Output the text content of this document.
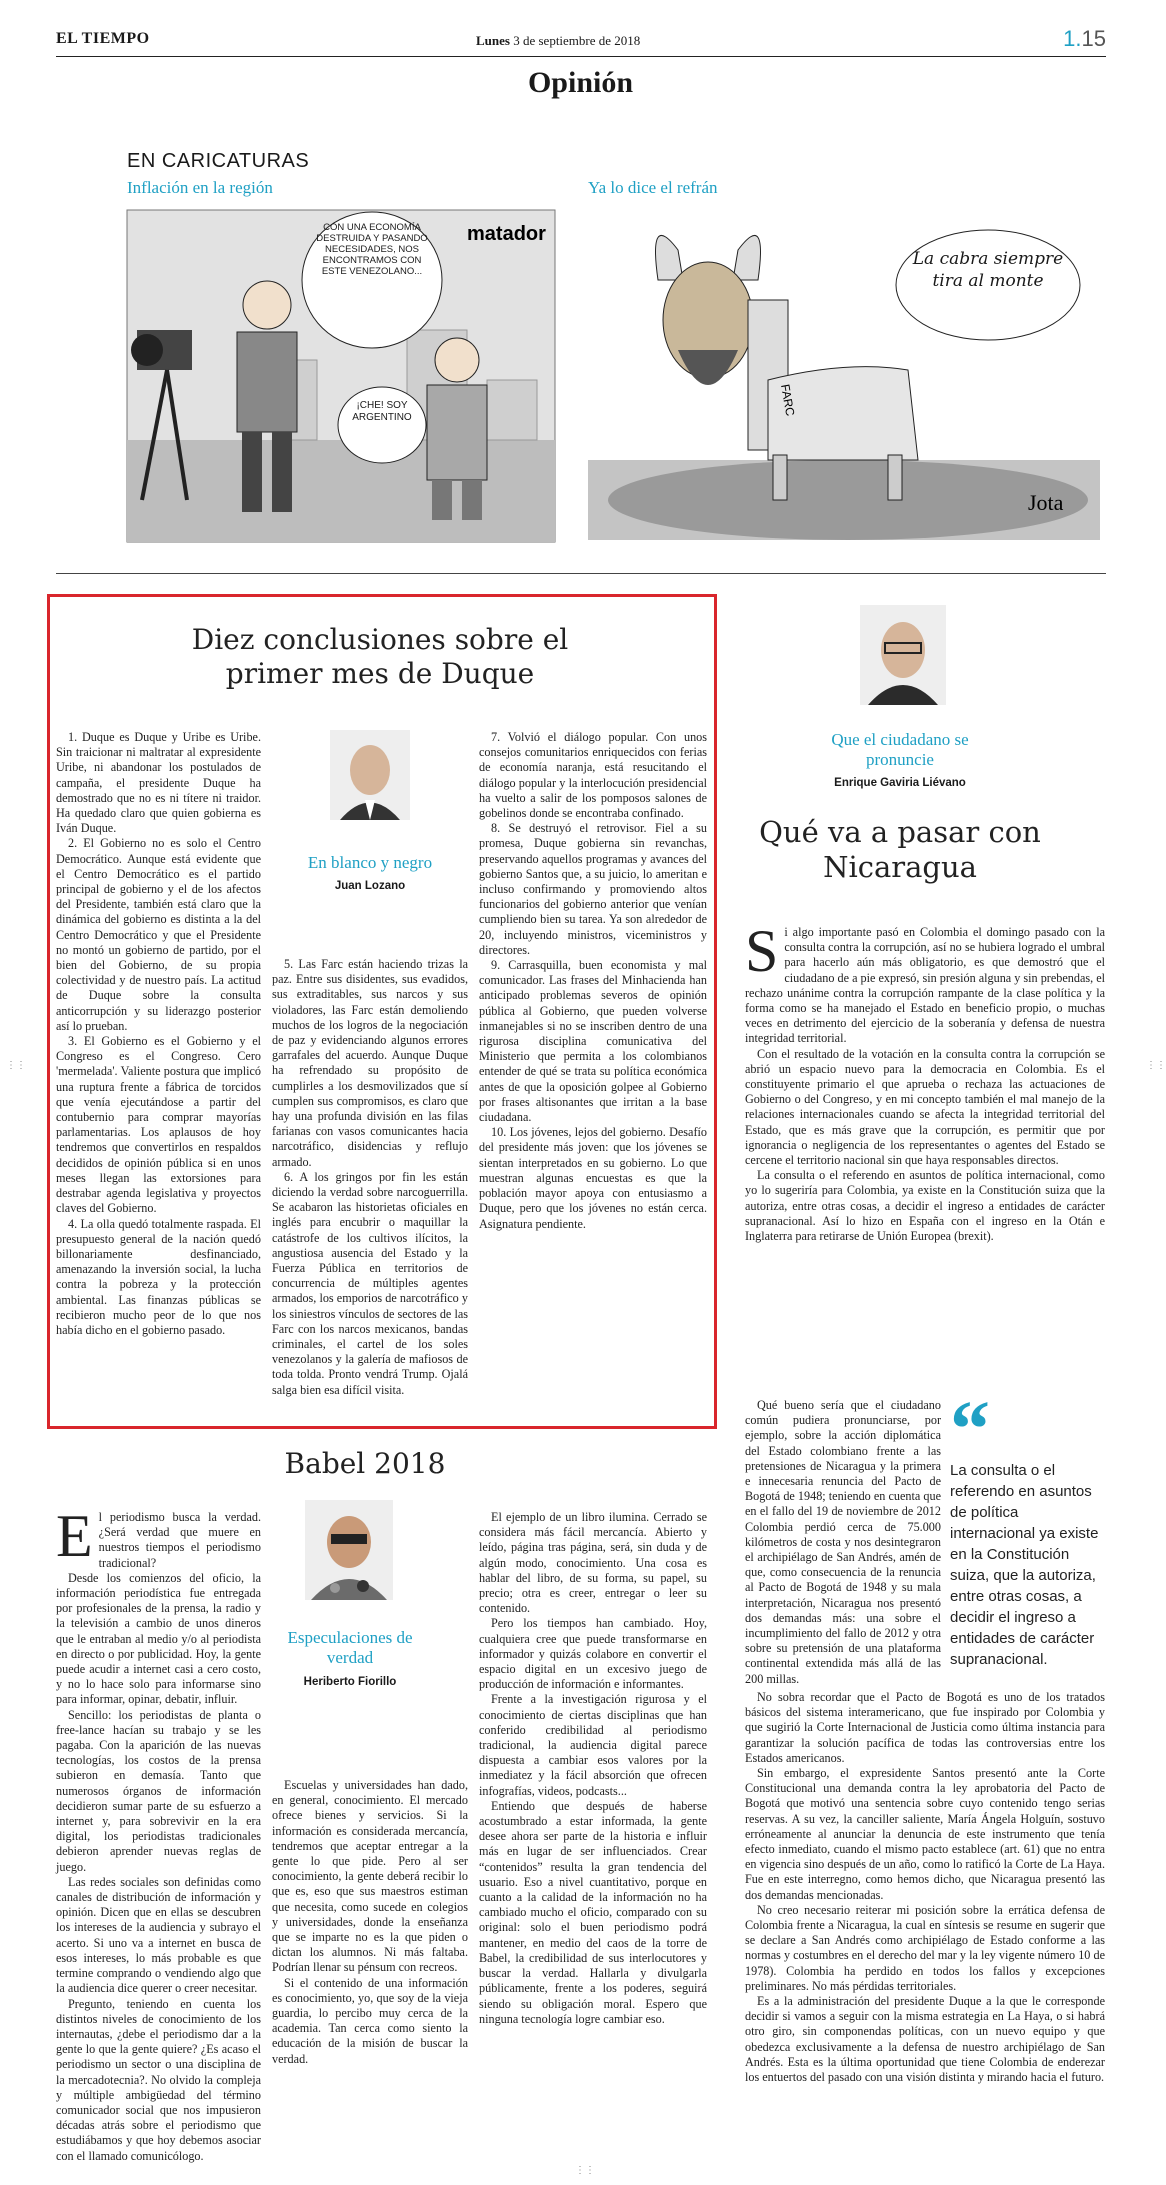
EL TIEMPO	Lunes 3 de septiembre de 2018	1.15
Opinión
EN CARICATURAS
Inflación en la región	Ya lo dice el refrán
CON UNA ECONOMÍA DESTRUIDA Y PASANDO NECESIDADES, NOS ENCONTRAMOS CON ESTE VENEZOLANO...
¡CHE! SOY ARGENTINO
matador
FARC
La cabra siempre tira al monte
Jota
Diez conclusiones sobre el primer mes de Duque
En blanco y negro
Juan Lozano

1. Duque es Duque y Uribe es Uribe. Sin traicionar ni maltratar al expresidente Uribe, ni abandonar los postulados de campaña, el presidente Duque ha demostrado que no es ni títere ni traidor. Ha quedado claro que quien gobierna es Iván Duque.

2. El Gobierno no es solo el Centro Democrático. Aunque está evidente que el Centro Democrático es el partido principal de gobierno y el de los afectos del Presidente, también está claro que la dinámica del gobierno es distinta a la del Centro Democrático y que el Presidente no montó un gobierno de partido, por el bien del Gobierno, de su propia colectividad y de nuestro país. La actitud de Duque sobre la consulta anticorrupción y su liderazgo posterior así lo prueban.

3. El Gobierno es el Gobierno y el Congreso es el Congreso. Cero 'mermelada'. Valiente postura que implicó una ruptura frente a fábrica de torcidos que venía ejecutándose a partir del contubernio para comprar mayorías parlamentarias. Los aplausos de hoy tendremos que convertirlos en respaldos decididos de opinión pública si en unos meses llegan las extorsiones para destrabar agenda legislativa y proyectos claves del Gobierno.

4. La olla quedó totalmente raspada. El presupuesto general de la nación quedó billonariamente desfinanciado, amenazando la inversión social, la lucha contra la pobreza y la protección ambiental. Las finanzas públicas se recibieron mucho peor de lo que nos había dicho en el gobierno pasado.

5. Las Farc están haciendo trizas la paz. Entre sus disidentes, sus evadidos, sus extraditables, sus narcos y sus violadores, las Farc están demoliendo muchos de los logros de la negociación de paz y evidenciando algunos errores garrafales del acuerdo. Aunque Duque ha refrendado su propósito de cumplirles a los desmovilizados que sí cumplen sus compromisos, es claro que hay una profunda división en las filas farianas con vasos comunicantes hacia narcotráfico, disidencias y reflujo armado.

6. A los gringos por fin les están diciendo la verdad sobre narcoguerrilla. Se acabaron las historietas oficiales en inglés para encubrir o maquillar la catástrofe de los cultivos ilícitos, la angustiosa ausencia del Estado y la Fuerza Pública en territorios de concurrencia de múltiples agentes armados, los emporios de narcotráfico y los siniestros vínculos de sectores de las Farc con los narcos mexicanos, bandas criminales, el cartel de los soles venezolanos y la galería de mafiosos de toda tolda. Pronto vendrá Trump. Ojalá salga bien esa difícil visita.

7. Volvió el diálogo popular. Con unos consejos comunitarios enriquecidos con ferias de economía naranja, está resucitando el diálogo popular y la interlocución presidencial ha vuelto a salir de los pomposos salones de gobelinos donde se encontraba confinado.

8. Se destruyó el retrovisor. Fiel a su promesa, Duque gobierna sin revanchas, preservando aquellos programas y avances del gobierno Santos que, a su juicio, lo ameritan e incluso confirmando y promoviendo altos funcionarios del gobierno anterior que venían cumpliendo bien su tarea. Ya son alrededor de 20, incluyendo ministros, viceministros y directores.

9. Carrasquilla, buen economista y mal comunicador. Las frases del Minhacienda han anticipado problemas severos de opinión pública al Gobierno, que pueden volverse inmanejables si no se inscriben dentro de una rigurosa disciplina comunicativa del Ministerio que permita a los colombianos entender de qué se trata su política económica antes de que la oposición golpee al Gobierno por frases altisonantes que irritan a la base ciudadana.

10. Los jóvenes, lejos del gobierno. Desafío del presidente más joven: que los jóvenes se sientan interpretados en su gobierno. Lo que muestran algunas encuestas es que la población mayor apoya con entusiasmo a Duque, pero que los jóvenes no están cerca. Asignatura pendiente.

Que el ciudadano se pronuncie
Enrique Gaviria Liévano
Qué va a pasar con Nicaragua
S i algo importante pasó en Colombia el domingo pasado con la consulta contra la corrupción, así no se hubiera logrado el umbral para hacerlo aún más obligatorio, es que demostró que el ciudadano de a pie expresó, sin presión alguna y sin prebendas, el rechazo unánime contra la corrupción rampante de la clase política y la forma como se ha manejado el Estado en beneficio propio, o muchas veces en detrimento del ejercicio de la soberanía y defensa de nuestra integridad territorial.

Con el resultado de la votación en la consulta contra la corrupción se abrió un espacio nuevo para la democracia en Colombia. Es el constituyente primario el que aprueba o rechaza las actuaciones de Gobierno o del Congreso, y en mi concepto también el mal manejo de la relaciones internacionales cuando se afecta la integridad territorial del Estado, que es más grave que la corrupción, es permitir que por ignorancia o negligencia de los representantes o agentes del Estado se cercene el territorio nacional sin que haya responsables directos.

La consulta o el referendo en asuntos de política internacional, como yo lo sugeriría para Colombia, ya existe en la Constitución suiza que la autoriza, entre otras cosas, a decidir el ingreso a entidades de carácter supranacional. Así lo hizo en España con el ingreso en la Otán e Inglaterra para retirarse de Unión Europea (brexit).

Qué bueno sería que el ciudadano común pudiera pronunciarse, por ejemplo, sobre la acción diplomática del Estado colombiano frente a las pretensiones de Nicaragua y la primera e innecesaria renuncia del Pacto de Bogotá de 1948; teniendo en cuenta que en el fallo del 19 de noviembre de 2012 Colombia perdió cerca de 75.000 kilómetros de costa y nos desintegraron el archipiélago de San Andrés, amén de que, como consecuencia de la renuncia al Pacto de Bogotá de 1948 y su mala interpretación, Nicaragua nos presentó dos demandas más: una sobre el incumplimiento del fallo de 2012 y otra sobre su pretensión de una plataforma continental extendida más allá de las 200 millas.

“
La consulta o el referendo en asuntos de política internacional ya existe en la Constitución suiza, que la autoriza, entre otras cosas, a decidir el ingreso a entidades de carácter supranacional.

No sobra recordar que el Pacto de Bogotá es uno de los tratados básicos del sistema interamericano, que fue inspirado por Colombia y que sugirió la Corte Internacional de Justicia como última instancia para garantizar la solución pacífica de todas las controversias entre los Estados americanos.

Sin embargo, el expresidente Santos presentó ante la Corte Constitucional una demanda contra la ley aprobatoria del Pacto de Bogotá que motivó una sentencia sobre cuyo contenido tengo serias reservas. A su vez, la canciller saliente, María Ángela Holguín, sostuvo erróneamente al anunciar la denuncia de este instrumento que tenía efecto inmediato, cuando el mismo pacto establece (art. 61) que no entra en vigencia sino después de un año, como lo ratificó la Corte de La Haya. Fue en este interregno, como hemos dicho, que Nicaragua presentó las dos demandas mencionadas.

No creo necesario reiterar mi posición sobre la errática defensa de Colombia frente a Nicaragua, la cual en síntesis se resume en sugerir que se declare a San Andrés como archipiélago de Estado conforme a las normas y costumbres en el derecho del mar y la ley vigente número 10 de 1978). Colombia ha perdido en todos los fallos y excepciones preliminares. No más pérdidas territoriales.

Es a la administración del presidente Duque a la que le corresponde decidir si vamos a seguir con la misma estrategia en La Haya, o si habrá otro giro, sin componendas políticas, con un nuevo equipo y que obedezca exclusivamente a la defensa de nuestro archipiélago de San Andrés. Esta es la última oportunidad que tiene Colombia de enderezar los entuertos del pasado con una visión distinta y mirando hacia el futuro.

Babel 2018
Especulaciones de verdad
Heriberto Fiorillo
E l periodismo busca la verdad. ¿Será verdad que muere en nuestros tiempos el periodismo tradicional?

Desde los comienzos del oficio, la información periodística fue entregada por profesionales de la prensa, la radio y la televisión a cambio de unos dineros que le entraban al medio y/o al periodista en directo o por publicidad. Hoy, la gente puede acudir a internet casi a cero costo, y no lo hace solo para informarse sino para informar, opinar, debatir, influir.

Sencillo: los periodistas de planta o free-lance hacían su trabajo y se les pagaba. Con la aparición de las nuevas tecnologías, los costos de la prensa subieron en demasía. Tanto que numerosos órganos de información decidieron sumar parte de su esfuerzo a internet y, para sobrevivir en la era digital, los periodistas tradicionales debieron aprender nuevas reglas de juego.

Las redes sociales son definidas como canales de distribución de información y opinión. Dicen que en ellas se descubren los intereses de la audiencia y subrayo el acerto. Si uno va a internet en busca de esos intereses, lo más probable es que termine comprando o vendiendo algo que la audiencia dice querer o creer necesitar.

Pregunto, teniendo en cuenta los distintos niveles de conocimiento de los internautas, ¿debe el periodismo dar a la gente lo que la gente quiere? ¿Es acaso el periodismo un sector o una disciplina de la mercadotecnia?. No olvido la compleja y múltiple ambigüedad del término comunicador social que nos impusieron décadas atrás sobre el periodismo que estudiábamos y que hoy debemos asociar con el llamado comunicólogo.

Escuelas y universidades han dado, en general, conocimiento. El mercado ofrece bienes y servicios. Si la información es considerada mercancía, tendremos que aceptar entregar a la gente lo que pide. Pero al ser conocimiento, la gente deberá recibir lo que es, eso que sus maestros estiman que necesita, como sucede en colegios y universidades, donde la enseñanza que se imparte no es la que piden o dictan los alumnos. Ni más faltaba. Podrían llenar su pénsum con recreos.

Si el contenido de una información es conocimiento, yo, que soy de la vieja guardia, lo percibo muy cerca de la academia. Tan cerca como siento la educación de la misión de buscar la verdad.

El ejemplo de un libro ilumina. Cerrado se considera más fácil mercancía. Abierto y leído, página tras página, será, sin duda y de algún modo, conocimiento. Una cosa es hablar del libro, de su forma, su papel, su precio; otra es creer, entregar o leer su contenido.

Pero los tiempos han cambiado. Hoy, cualquiera cree que puede transformarse en informador y quizás colabore en convertir el espacio digital en un excesivo juego de producción de información e informantes.

Frente a la investigación rigurosa y el conocimiento de ciertas disciplinas que han conferido credibilidad al periodismo tradicional, la audiencia digital parece dispuesta a cambiar esos valores por la inmediatez y la fácil absorción que ofrecen infografías, videos, podcasts...

Entiendo que después de haberse acostumbrado a estar informada, la gente desee ahora ser parte de la historia e influir más en lugar de ser influenciados. Crear “contenidos” resulta la gran tendencia del usuario. Eso a nivel cuantitativo, porque en cuanto a la calidad de la información no ha cambiado mucho el oficio, comparado con su original: solo el buen periodismo podrá mantener, en medio del caos de la torre de Babel, la credibilidad de sus interlocutores y buscar la verdad. Hallarla y divulgarla públicamente, frente a los poderes, seguirá siendo su obligación moral. Espero que ninguna tecnología logre cambiar eso.

⋮⋮
⋮⋮	⋮⋮
